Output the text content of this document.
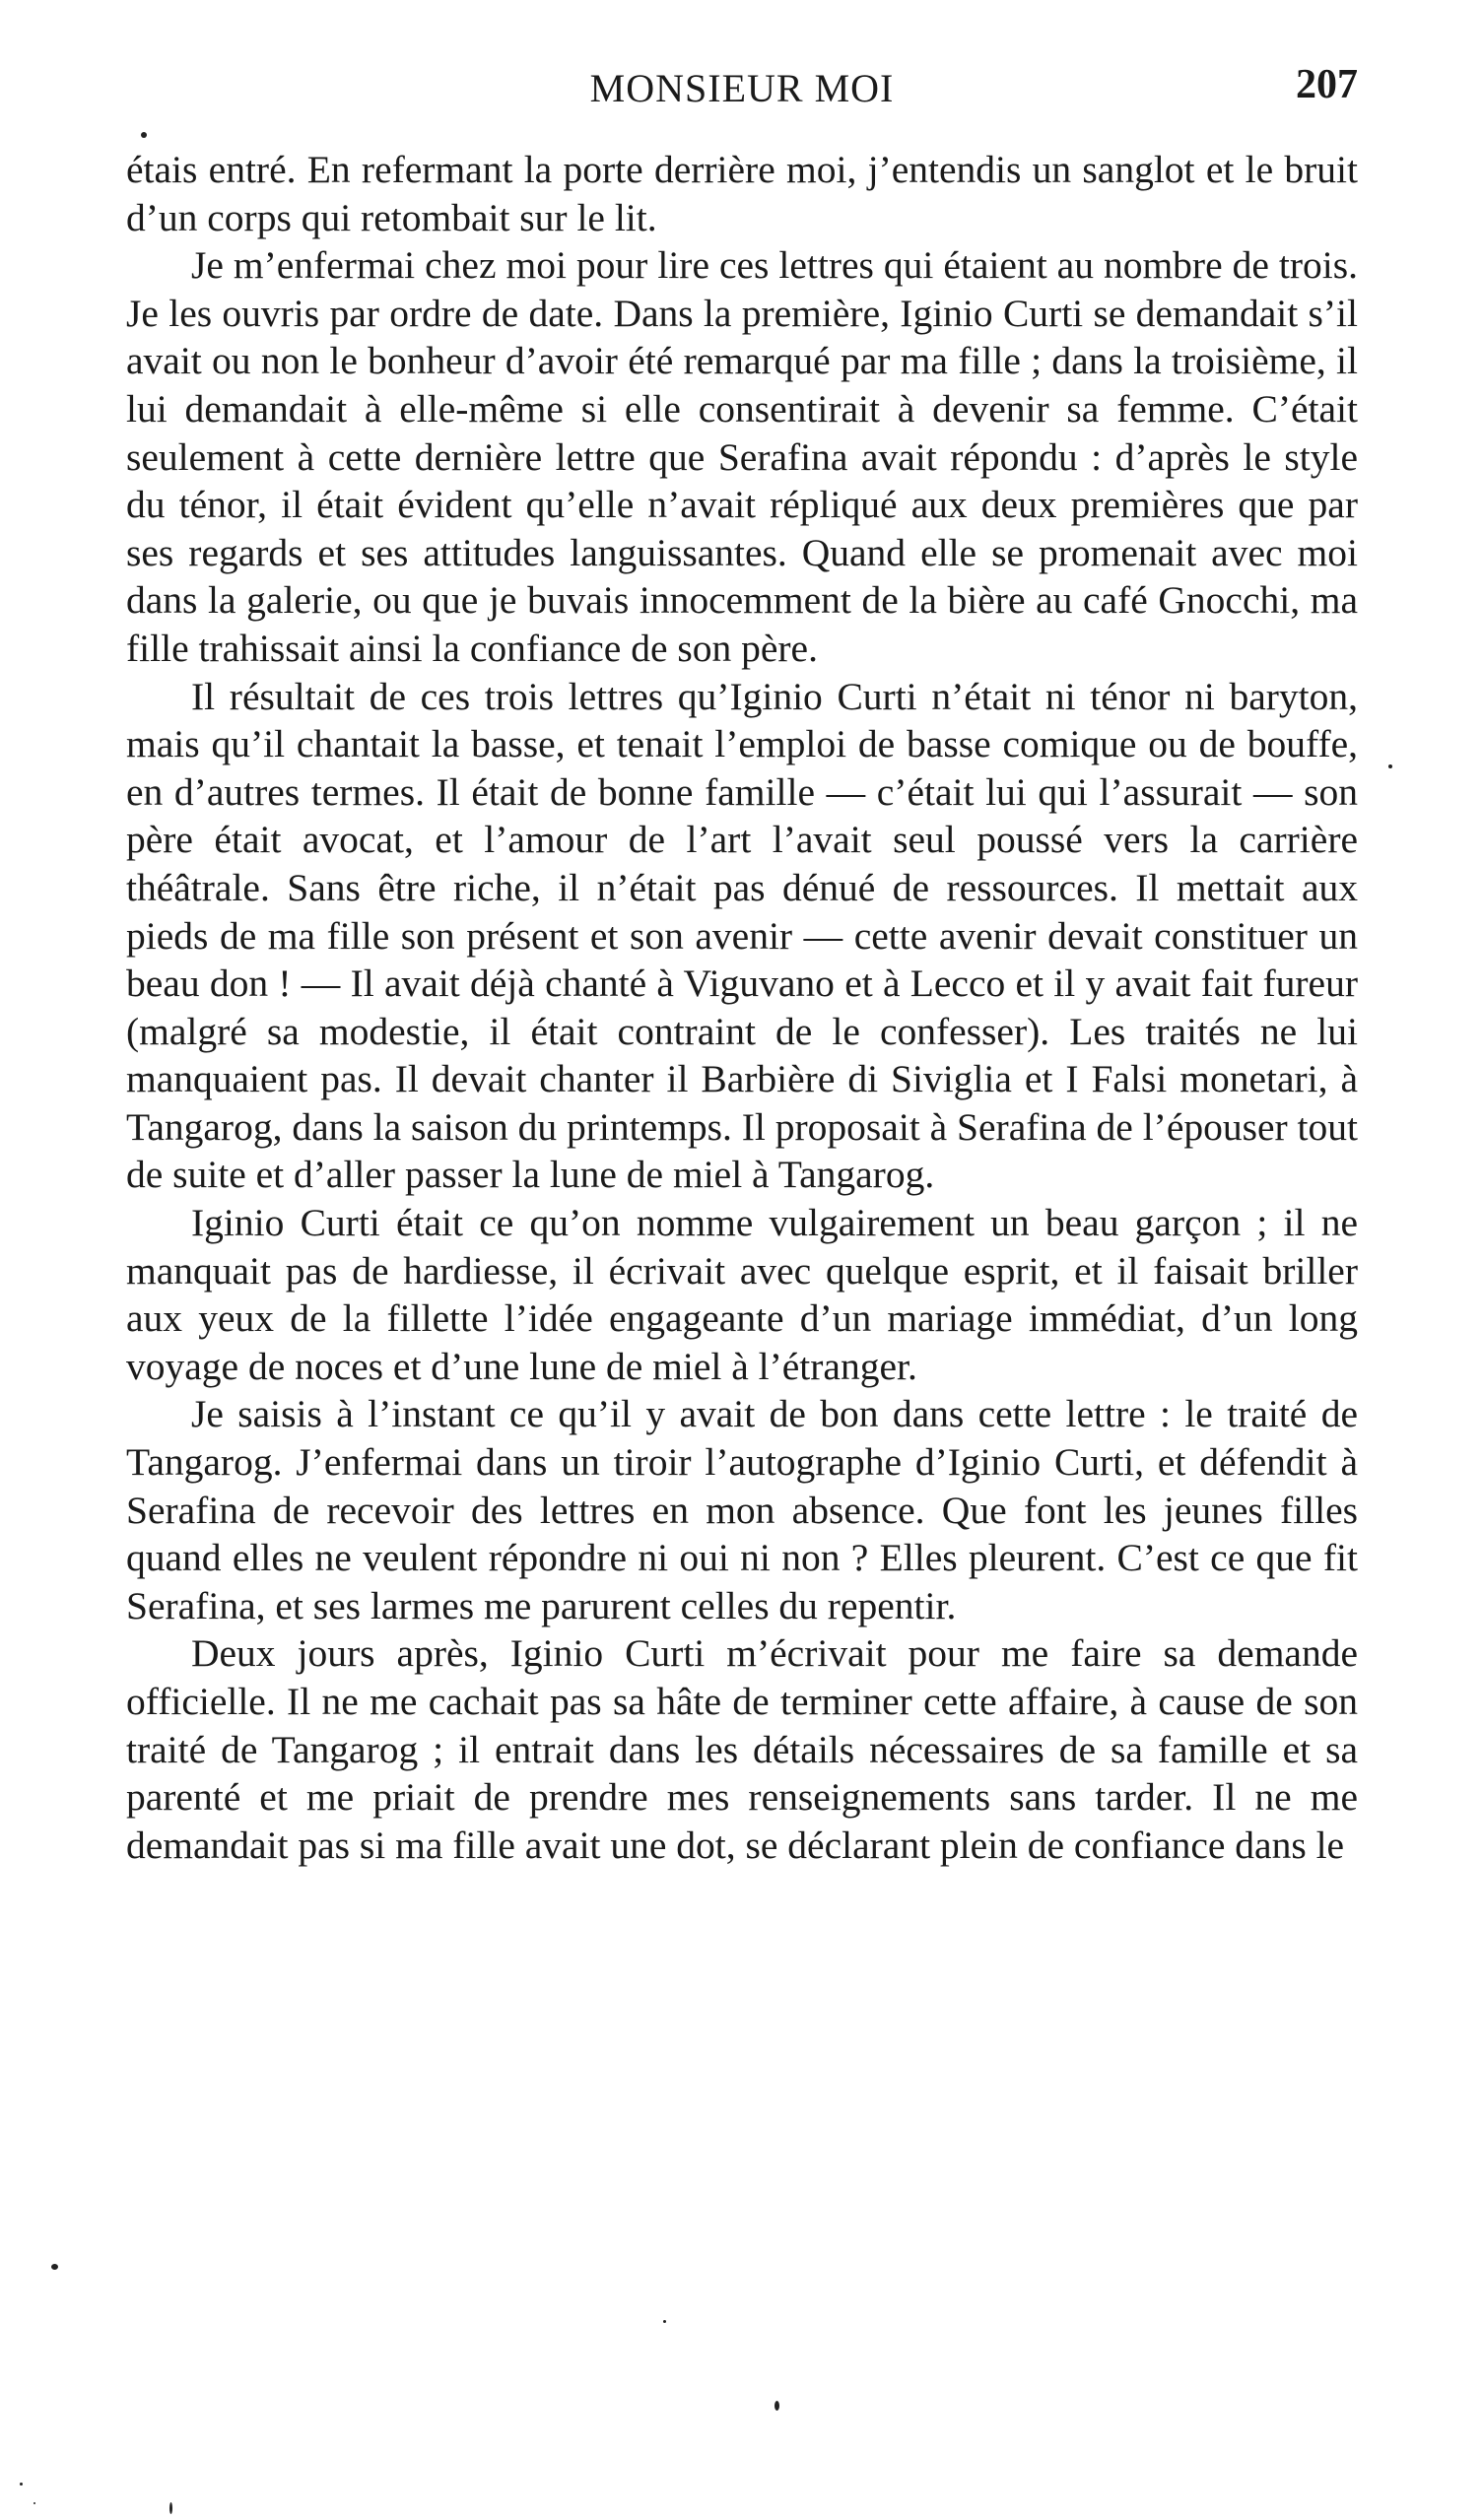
MONSIEUR MOI	207

étais entré. En refermant la porte derrière moi, j’entendis un sanglot et le bruit d’un corps qui retombait sur le lit.

Je m’enfermai chez moi pour lire ces lettres qui étaient au nombre de trois. Je les ouvris par ordre de date. Dans la première, Iginio Curti se demandait s’il avait ou non le bonheur d’avoir été remarqué par ma fille ; dans la troisième, il lui demandait à elle-même si elle consentirait à devenir sa femme. C’était seulement à cette dernière lettre que Serafina avait répondu : d’après le style du ténor, il était évident qu’elle n’avait répliqué aux deux premières que par ses regards et ses attitudes languissantes. Quand elle se promenait avec moi dans la galerie, ou que je buvais innocemment de la bière au café Gnocchi, ma fille trahissait ainsi la confiance de son père.

Il résultait de ces trois lettres qu’Iginio Curti n’était ni ténor ni baryton, mais qu’il chantait la basse, et tenait l’emploi de basse comique ou de bouffe, en d’autres termes. Il était de bonne famille — c’était lui qui l’assurait — son père était avocat, et l’amour de l’art l’avait seul poussé vers la carrière théâtrale. Sans être riche, il n’était pas dénué de ressources. Il mettait aux pieds de ma fille son présent et son avenir — cette avenir devait constituer un beau don ! — Il avait déjà chanté à Viguvano et à Lecco et il y avait fait fureur (malgré sa modestie, il était contraint de le confesser). Les traités ne lui manquaient pas. Il devait chanter il Barbière di Siviglia et I Falsi monetari, à Tangarog, dans la saison du printemps. Il proposait à Serafina de l’épouser tout de suite et d’aller passer la lune de miel à Tangarog.

Iginio Curti était ce qu’on nomme vulgairement un beau garçon ; il ne manquait pas de hardiesse, il écrivait avec quelque esprit, et il faisait briller aux yeux de la fillette l’idée engageante d’un mariage immédiat, d’un long voyage de noces et d’une lune de miel à l’étranger.

Je saisis à l’instant ce qu’il y avait de bon dans cette lettre : le traité de Tangarog. J’enfermai dans un tiroir l’autographe d’Iginio Curti, et défendit à Serafina de recevoir des lettres en mon absence. Que font les jeunes filles quand elles ne veulent répondre ni oui ni non ? Elles pleurent. C’est ce que fit Serafina, et ses larmes me parurent celles du repentir.

Deux jours après, Iginio Curti m’écrivait pour me faire sa demande officielle. Il ne me cachait pas sa hâte de terminer cette affaire, à cause de son traité de Tangarog ; il entrait dans les détails nécessaires de sa famille et sa parenté et me priait de prendre mes renseignements sans tarder. Il ne me demandait pas si ma fille avait une dot, se déclarant plein de confiance dans le
